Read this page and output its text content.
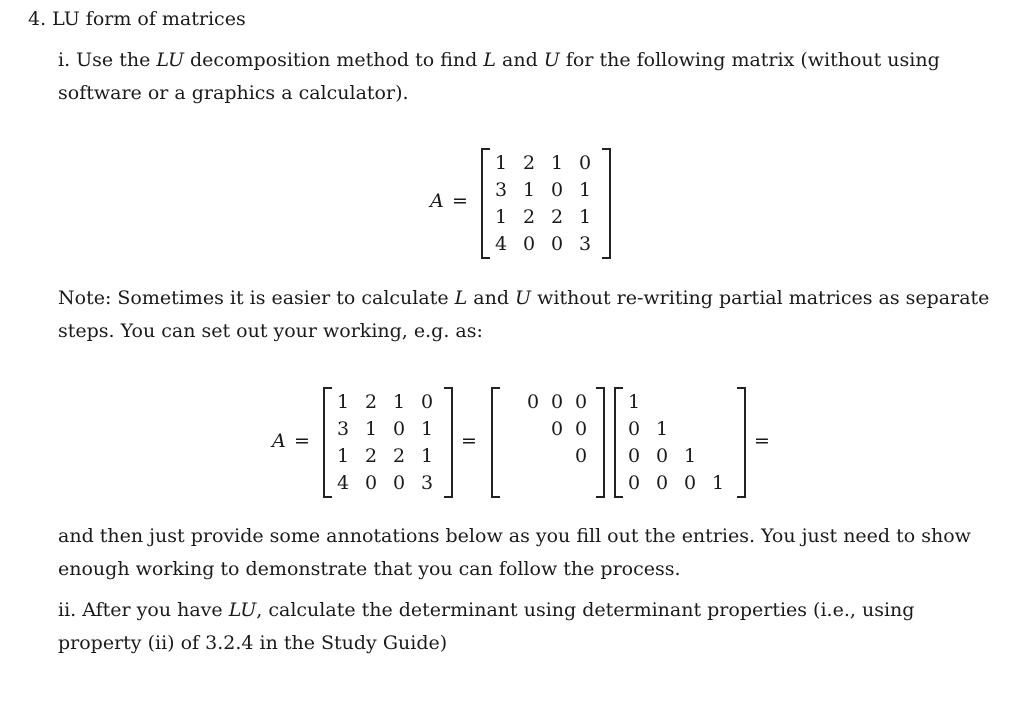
4. LU form of matrices
i. Use the LU decomposition method to find L and U for the following matrix (without using
software or a graphics a calculator).
A =
1 2 1 0
3 1 0 1
1 2 2 1
4 0 0 3
Note: Sometimes it is easier to calculate L and U without re-writing partial matrices as separate
steps. You can set out your working, e.g. as:
A =
1 2 1 0
3 1 0 1
1 2 2 1
4 0 0 3
=
0 0 0
0 0
0
1
0 1
0 0 1
0 0 0 1
=
and then just provide some annotations below as you fill out the entries. You just need to show
enough working to demonstrate that you can follow the process.
ii. After you have LU, calculate the determinant using determinant properties (i.e., using
property (ii) of 3.2.4 in the Study Guide)
